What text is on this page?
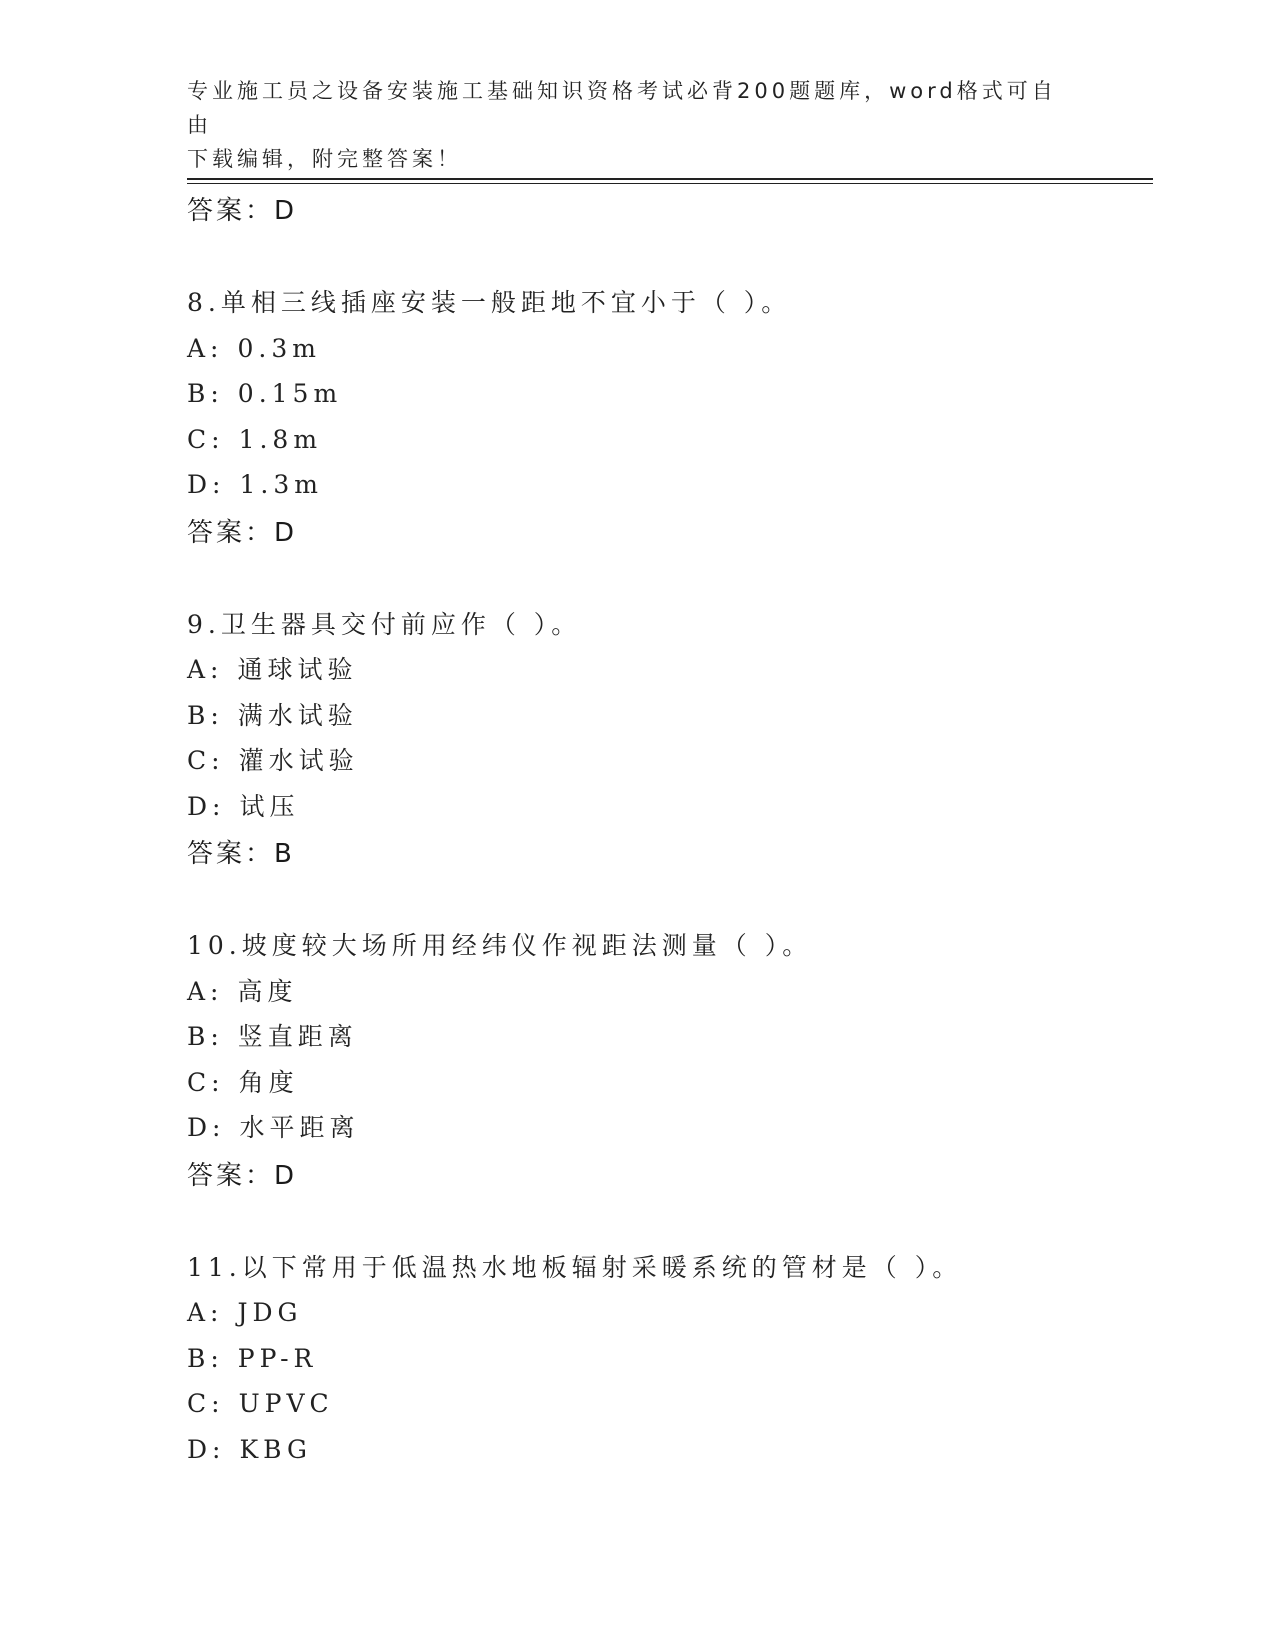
专业施工员之设备安装施工基础知识资格考试必背200题题库，word格式可自由
下载编辑，附完整答案！
答案：D
8.单相三线插座安装一般距地不宜小于（ ）。
A: 0.3m
B: 0.15m
C: 1.8m
D: 1.3m
答案：D
9.卫生器具交付前应作（ ）。
A: 通球试验
B: 满水试验
C: 灌水试验
D: 试压
答案：B
10.坡度较大场所用经纬仪作视距法测量（ ）。
A: 高度
B: 竖直距离
C: 角度
D: 水平距离
答案：D
11.以下常用于低温热水地板辐射采暖系统的管材是（ ）。
A: JDG
B: PP-R
C: UPVC
D: KBG
